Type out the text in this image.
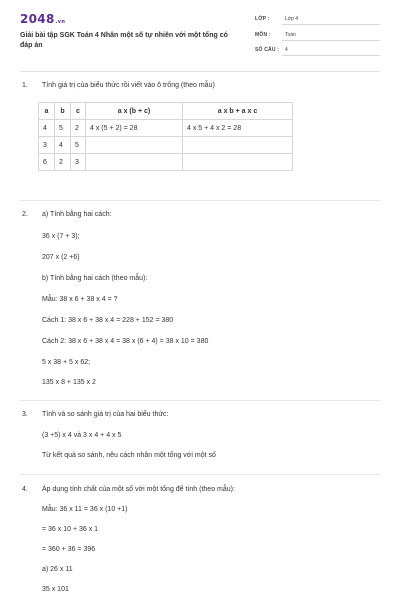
2048.vn
Giải bài tập SGK Toán 4 Nhân một số tự nhiên với một tổng có đáp án
LỚP :	Lớp 4
MÔN :	Toán
SỐ CÂU : 4
1. Tính giá trị của biểu thức rồi viết vào ô trống (theo mẫu)
a	b	c	a x (b + c)	a x b + a x c
4	5	2	4 x (5 + 2) = 28	4 x 5 + 4 x 2 = 28
3	4	5		
6	2	3		
2. a) Tính bằng hai cách:
36 x (7 + 3);
207 x (2 +6)
b) Tính bằng hai cách (theo mẫu):
Mẫu: 38 x 6 + 38 x 4 = ?
Cách 1: 38 x 6 + 38 x 4 = 228 + 152 = 380
Cách 2: 38 x 6 + 38 x 4 = 38 x (6 + 4) = 38 x 10 = 380
5 x 38 + 5 x 62;
135 x 8 + 135 x 2
3. Tính và so sánh giá trị của hai biểu thức:
(3 +5) x 4 và 3 x 4 + 4 x 5
Từ kết quả so sánh, nêu cách nhân một tổng với một số
4. Áp dụng tính chất của một số với một tổng để tính (theo mẫu):
Mẫu: 36 x 11 = 36 x (10 +1)
= 36 x 10 + 36 x 1
= 360 + 36 = 396
a) 26 x 11
35 x 101
